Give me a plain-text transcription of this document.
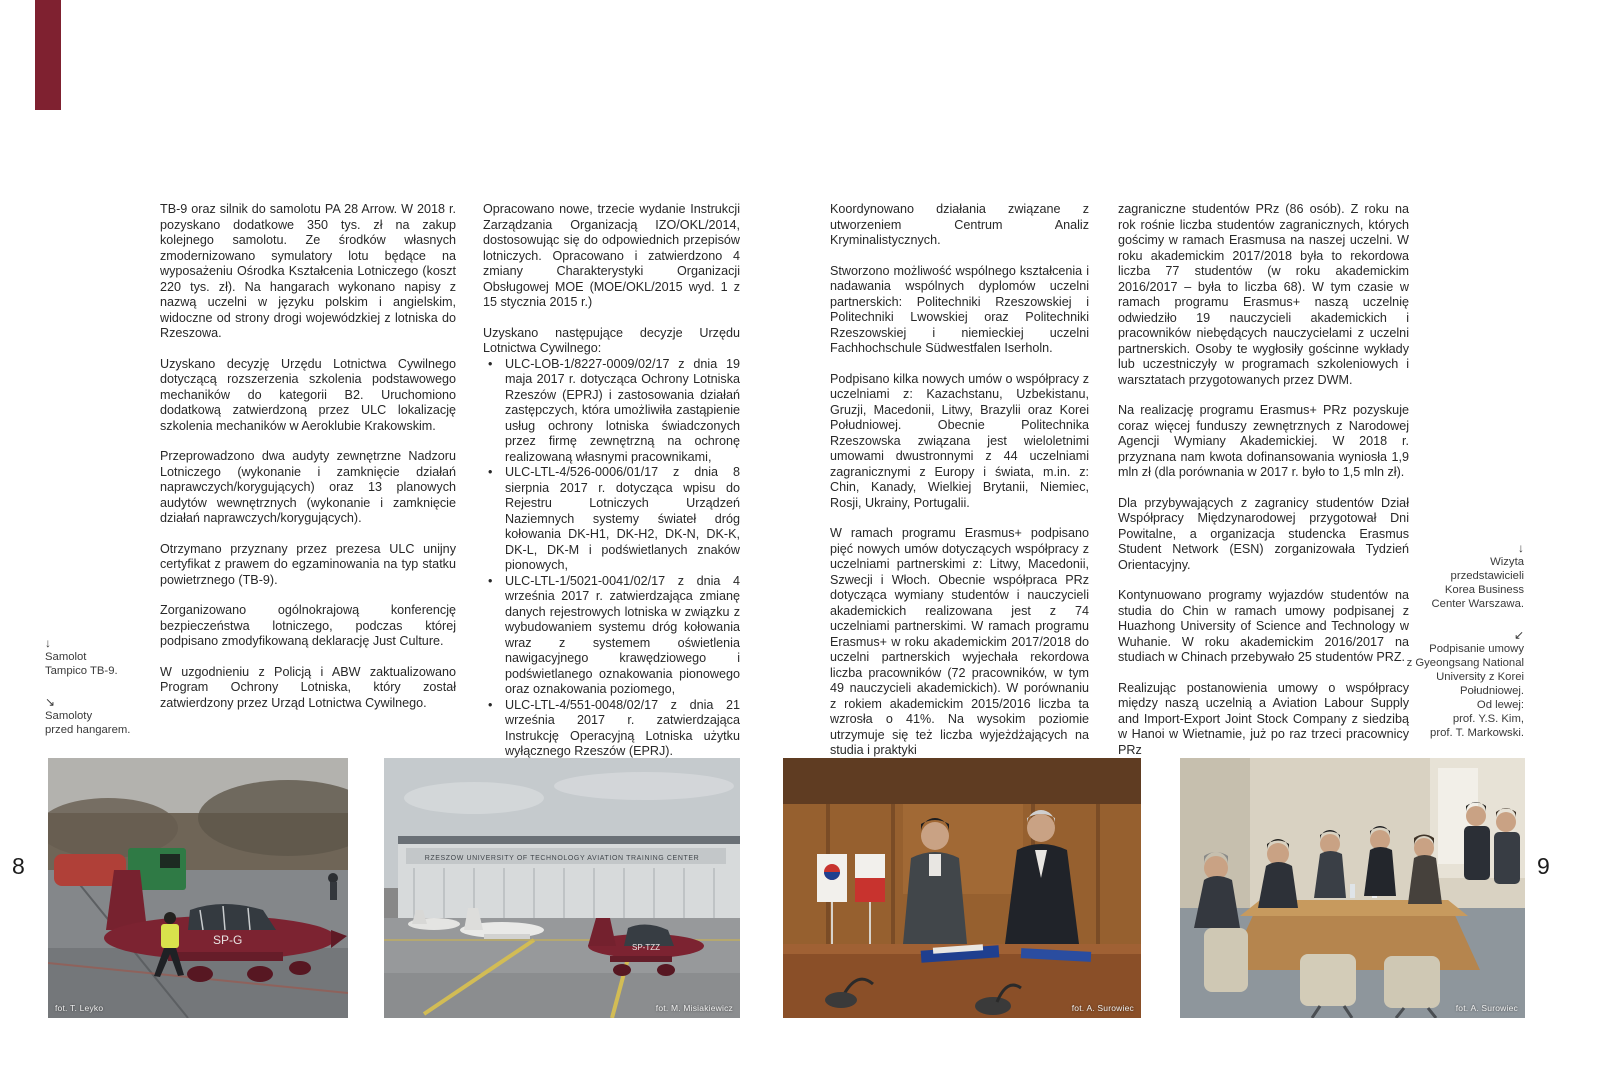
8	9

TB-9 oraz silnik do samolotu PA 28 Arrow. W 2018 r. pozyskano dodatkowe 350 tys. zł na zakup kolejnego samolotu. Ze środków własnych zmodernizowano symulatory lotu będące na wyposażeniu Ośrodka Kształcenia Lotniczego (koszt 220 tys. zł). Na hangarach wykonano napisy z nazwą uczelni w języku polskim i angielskim, widoczne od strony drogi wojewódzkiej z lotniska do Rzeszowa.

Uzyskano decyzję Urzędu Lotnictwa Cywilnego dotyczącą rozszerzenia szkolenia podstawowego mechaników do kategorii B2. Uruchomiono dodatkową zatwierdzoną przez ULC lokalizację szkolenia mechaników w Aeroklubie Krakowskim.

Przeprowadzono dwa audyty zewnętrzne Nadzoru Lotniczego (wykonanie i zamknięcie działań naprawczych/korygujących) oraz 13 planowych audytów wewnętrznych (wykonanie i zamknięcie działań naprawczych/korygujących).

Otrzymano przyznany przez prezesa ULC unijny certyfikat z prawem do egzaminowania na typ statku powietrznego (TB-9).

Zorganizowano ogólnokrajową konferencję bezpieczeństwa lotniczego, podczas której podpisano zmodyfikowaną deklarację Just Culture.

W uzgodnieniu z Policją i ABW zaktualizowano Program Ochrony Lotniska, który został zatwierdzony przez Urząd Lotnictwa Cywilnego.

Opracowano nowe, trzecie wydanie Instrukcji Zarządzania Organizacją IZO/OKL/2014, dostosowując się do odpowiednich przepisów lotniczych. Opracowano i zatwierdzono 4 zmiany Charakterystyki Organizacji Obsługowej MOE (MOE/OKL/2015 wyd. 1 z 15 stycznia 2015 r.)

Uzyskano następujące decyzje Urzędu Lotnictwa Cywilnego:

• ULC-LOB-1/8227-0009/02/17 z dnia 19 maja 2017 r. dotycząca Ochrony Lotniska Rzeszów (EPRJ) i zastosowania działań zastępczych, która umożliwiła zastąpienie usług ochrony lotniska świadczonych przez firmę zewnętrzną na ochronę realizowaną własnymi pracownikami,
• ULC-LTL-4/526-0006/01/17 z dnia 8 sierpnia 2017 r. dotycząca wpisu do Rejestru Lotniczych Urządzeń Naziemnych systemy świateł dróg kołowania DK-H1, DK-H2, DK-N, DK-K, DK-L, DK-M i podświetlanych znaków pionowych,
• ULC-LTL-1/5021-0041/02/17 z dnia 4 września 2017 r. zatwierdzająca zmianę danych rejestrowych lotniska w związku z wybudowaniem systemu dróg kołowania wraz z systemem oświetlenia nawigacyjnego krawędziowego i podświetlanego oznakowania pionowego oraz oznakowania poziomego,
• ULC-LTL-4/551-0048/02/17 z dnia 21 września 2017 r. zatwierdzająca Instrukcję Operacyjną Lotniska użytku wyłącznego Rzeszów (EPRJ).

Koordynowano działania związane z utworzeniem Centrum Analiz Kryminalistycznych.

Stworzono możliwość wspólnego kształcenia i nadawania wspólnych dyplomów uczelni partnerskich: Politechniki Rzeszowskiej i Politechniki Lwowskiej oraz Politechniki Rzeszowskiej i niemieckiej uczelni Fachhochschule Südwestfalen Iserholn.

Podpisano kilka nowych umów o współpracy z uczelniami z: Kazachstanu, Uzbekistanu, Gruzji, Macedonii, Litwy, Brazylii oraz Korei Południowej. Obecnie Politechnika Rzeszowska związana jest wieloletnimi umowami dwustronnymi z 44 uczelniami zagranicznymi z Europy i świata, m.in. z: Chin, Kanady, Wielkiej Brytanii, Niemiec, Rosji, Ukrainy, Portugalii.

W ramach programu Erasmus+ podpisano pięć nowych umów dotyczących współpracy z uczelniami partnerskimi z: Litwy, Macedonii, Szwecji i Włoch. Obecnie współpraca PRz dotycząca wymiany studentów i nauczycieli akademickich realizowana jest z 74 uczelniami partnerskimi. W ramach programu Erasmus+ w roku akademickim 2017/2018 do uczelni partnerskich wyjechała rekordowa liczba pracowników (72 pracowników, w tym 49 nauczycieli akademickich). W porównaniu z rokiem akademickim 2015/2016 liczba ta wzrosła o 41%. Na wysokim poziomie utrzymuje się też liczba wyjeżdżających na studia i praktyki

zagraniczne studentów PRz (86 osób). Z roku na rok rośnie liczba studentów zagranicznych, których gościmy w ramach Erasmusa na naszej uczelni. W roku akademickim 2017/2018 była to rekordowa liczba 77 studentów (w roku akademickim 2016/2017 – była to liczba 68). W tym czasie w ramach programu Erasmus+ naszą uczelnię odwiedziło 19 nauczycieli akademickich i pracowników niebędących nauczycielami z uczelni partnerskich. Osoby te wygłosiły gościnne wykłady lub uczestniczyły w programach szkoleniowych i warsztatach przygotowanych przez DWM.

Na realizację programu Erasmus+ PRz pozyskuje coraz więcej funduszy zewnętrznych z Narodowej Agencji Wymiany Akademickiej. W 2018 r. przyznana nam kwota dofinansowania wyniosła 1,9 mln zł (dla porównania w 2017 r. było to 1,5 mln zł).

Dla przybywających z zagranicy studentów Dział Współpracy Międzynarodowej przygotował Dni Powitalne, a organizacja studencka Erasmus Student Network (ESN) zorganizowała Tydzień Orientacyjny.

Kontynuowano programy wyjazdów studentów na studia do Chin w ramach umowy podpisanej z Huazhong University of Science and Technology w Wuhanie. W roku akademickim 2016/2017 na studiach w Chinach przebywało 25 studentów PRZ.

Realizując postanowienia umowy o współpracy między naszą uczelnią a Aviation Labour Supply and Import-Export Joint Stock Company z siedzibą w Hanoi w Wietnamie, już po raz trzeci pracownicy PRz

↓
Samolot
Tampico TB-9.
↘
Samoloty
przed hangarem.
↓
Wizyta
przedstawicieli
Korea Business
Center Warszawa.
↙
Podpisanie umowy
z Gyeongsang National
University z Korei
Południowej.
Od lewej:
prof. Y.S. Kim,
prof. T. Markowski.
SP-G
fot. T. Leyko
RZESZOW UNIVERSITY OF TECHNOLOGY AVIATION TRAINING CENTER
SP-TZZ
fot. M. Misiakiewicz	fot. A. Surowiec	fot. A. Surowiec
